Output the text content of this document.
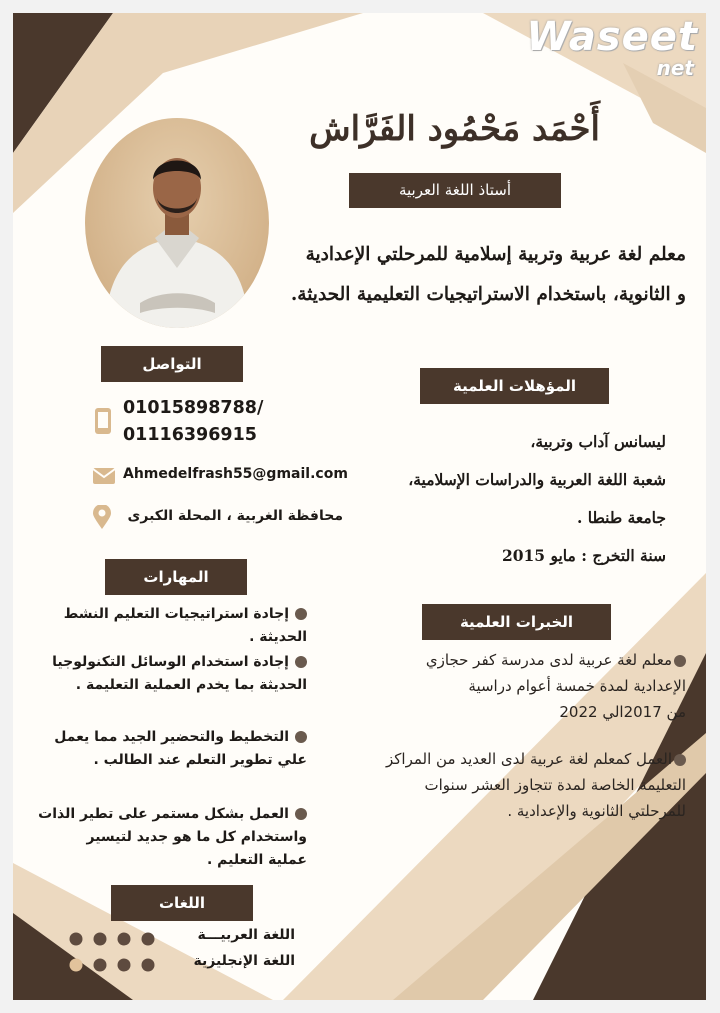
Waseet
net
أَحْمَد مَحْمُود الفَرَّاش
أستاذ اللغة العربية
معلم لغة عربية وتربية إسلامية للمرحلتي الإعدادية
و الثانوية، باستخدام الاستراتيجيات التعليمية الحديثة.
المؤهلات العلمية
الخبرات العلمية
التواصل
المهارات
اللغات
01015898788/
01116396915
Ahmedelfrash55@gmail.com
محافظة الغربية ، المحلة الكبرى
ليسانس آداب وتربية،
شعبة اللغة العربية والدراسات الإسلامية،
جامعة طنطا .
سنة التخرج : مايو 2015
معلم لغة عربية لدى مدرسة كفر حجازي
الإعدادية لمدة خمسة أعوام دراسية
من 2017الي 2022
العمل كمعلم لغة عربية لدى العديد من المراكز
التعليمة الخاصة لمدة تتجاوز العشر سنوات
للمرحلتي الثانوية والإعدادية .
إجادة استراتيجيات التعليم النشط
الحديثة .
إجادة استخدام الوسائل التكنولوجيا
الحديثة بما يخدم العملية التعليمة .
التخطيط والتحضير الجيد مما يعمل
علي تطوير التعلم عند الطالب .
العمل بشكل مستمر على تطير الذات
واستخدام كل ما هو جديد لتيسير
عملية التعليم .
اللغة العربيـــة
اللغة الإنجليزية
